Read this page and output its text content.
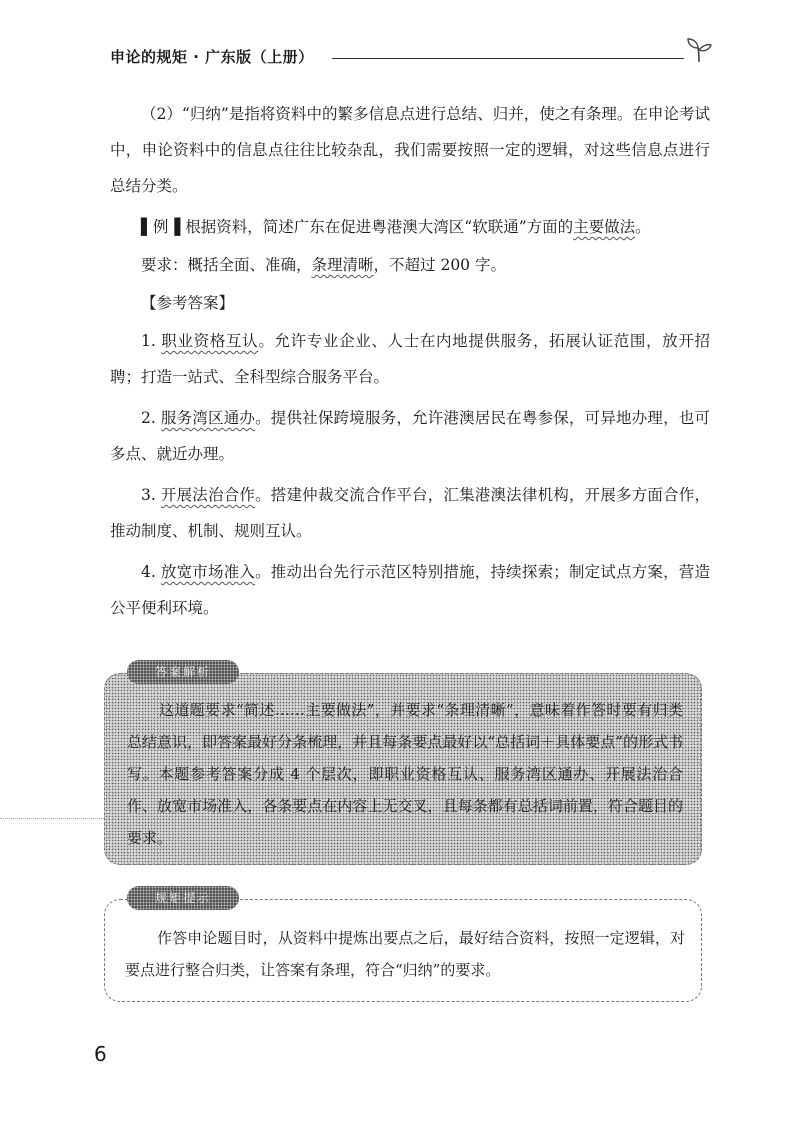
申论的规矩 · 广东版（上册）

（2）“归纳”是指将资料中的繁多信息点进行总结、归并，使之有条理。在申论考试中，申论资料中的信息点往往比较杂乱，我们需要按照一定的逻辑，对这些信息点进行总结分类。

▌例▐ 根据资料，简述广东在促进粤港澳大湾区“软联通”方面的主要做法。

要求：概括全面、准确，条理清晰，不超过 200 字。

【参考答案】

1. 职业资格互认。允许专业企业、人士在内地提供服务，拓展认证范围，放开招聘；打造一站式、全科型综合服务平台。

2. 服务湾区通办。提供社保跨境服务，允许港澳居民在粤参保，可异地办理，也可多点、就近办理。

3. 开展法治合作。搭建仲裁交流合作平台，汇集港澳法律机构，开展多方面合作，推动制度、机制、规则互认。

4. 放宽市场准入。推动出台先行示范区特别措施，持续探索；制定试点方案，营造公平便利环境。

答案解析

这道题要求“简述……主要做法”，并要求“条理清晰”，意味着作答时要有归类总结意识，即答案最好分条梳理，并且每条要点最好以“总括词＋具体要点”的形式书写。本题参考答案分成 4 个层次，即职业资格互认、服务湾区通办、开展法治合作、放宽市场准入，各条要点在内容上无交叉，且每条都有总括词前置，符合题目的要求。

规矩提示

作答申论题目时，从资料中提炼出要点之后，最好结合资料，按照一定逻辑，对要点进行整合归类，让答案有条理，符合“归纳”的要求。

6
